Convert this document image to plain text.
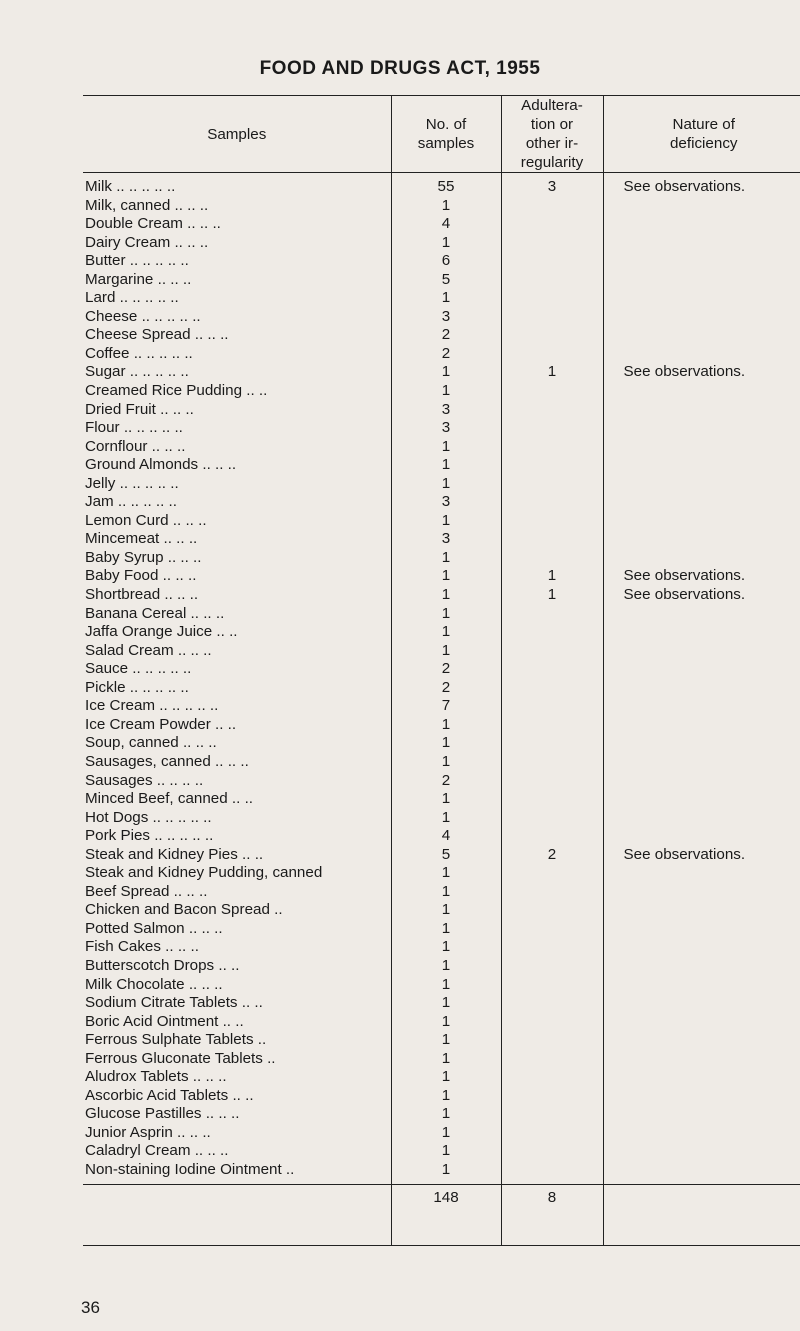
FOOD AND DRUGS ACT, 1955
Samples	No. of samples	Adultera- tion or other ir- regularity	Nature of deficiency
Milk .. .. .. .. ..	55	3	See observations.
Milk, canned .. .. ..	1		
Double Cream .. .. ..	4		
Dairy Cream .. .. ..	1		
Butter .. .. .. .. ..	6		
Margarine .. .. ..	5		
Lard .. .. .. .. ..	1		
Cheese .. .. .. .. ..	3		
Cheese Spread .. .. ..	2		
Coffee .. .. .. .. ..	2		
Sugar .. .. .. .. ..	1	1	See observations.
Creamed Rice Pudding .. ..	1		
Dried Fruit .. .. ..	3		
Flour .. .. .. .. ..	3		
Cornflour .. .. ..	1		
Ground Almonds .. .. ..	1		
Jelly .. .. .. .. ..	1		
Jam .. .. .. .. ..	3		
Lemon Curd .. .. ..	1		
Mincemeat .. .. ..	3		
Baby Syrup .. .. ..	1		
Baby Food .. .. ..	1	1	See observations.
Shortbread .. .. ..	1	1	See observations.
Banana Cereal .. .. ..	1		
Jaffa Orange Juice .. ..	1		
Salad Cream .. .. ..	1		
Sauce .. .. .. .. ..	2		
Pickle .. .. .. .. ..	2		
Ice Cream .. .. .. .. ..	7		
Ice Cream Powder .. ..	1		
Soup, canned .. .. ..	1		
Sausages, canned .. .. ..	1		
Sausages .. .. .. ..	2		
Minced Beef, canned .. ..	1		
Hot Dogs .. .. .. .. ..	1		
Pork Pies .. .. .. .. ..	4		
Steak and Kidney Pies .. ..	5	2	See observations.
Steak and Kidney Pudding, canned	1		
Beef Spread .. .. ..	1		
Chicken and Bacon Spread ..	1		
Potted Salmon .. .. ..	1		
Fish Cakes .. .. ..	1		
Butterscotch Drops .. ..	1		
Milk Chocolate .. .. ..	1		
Sodium Citrate Tablets .. ..	1		
Boric Acid Ointment .. ..	1		
Ferrous Sulphate Tablets ..	1		
Ferrous Gluconate Tablets ..	1		
Aludrox Tablets .. .. ..	1		
Ascorbic Acid Tablets .. ..	1		
Glucose Pastilles .. .. ..	1		
Junior Asprin .. .. ..	1		
Caladryl Cream .. .. ..	1		
Non-staining Iodine Ointment ..	1		
	148	8	
36
